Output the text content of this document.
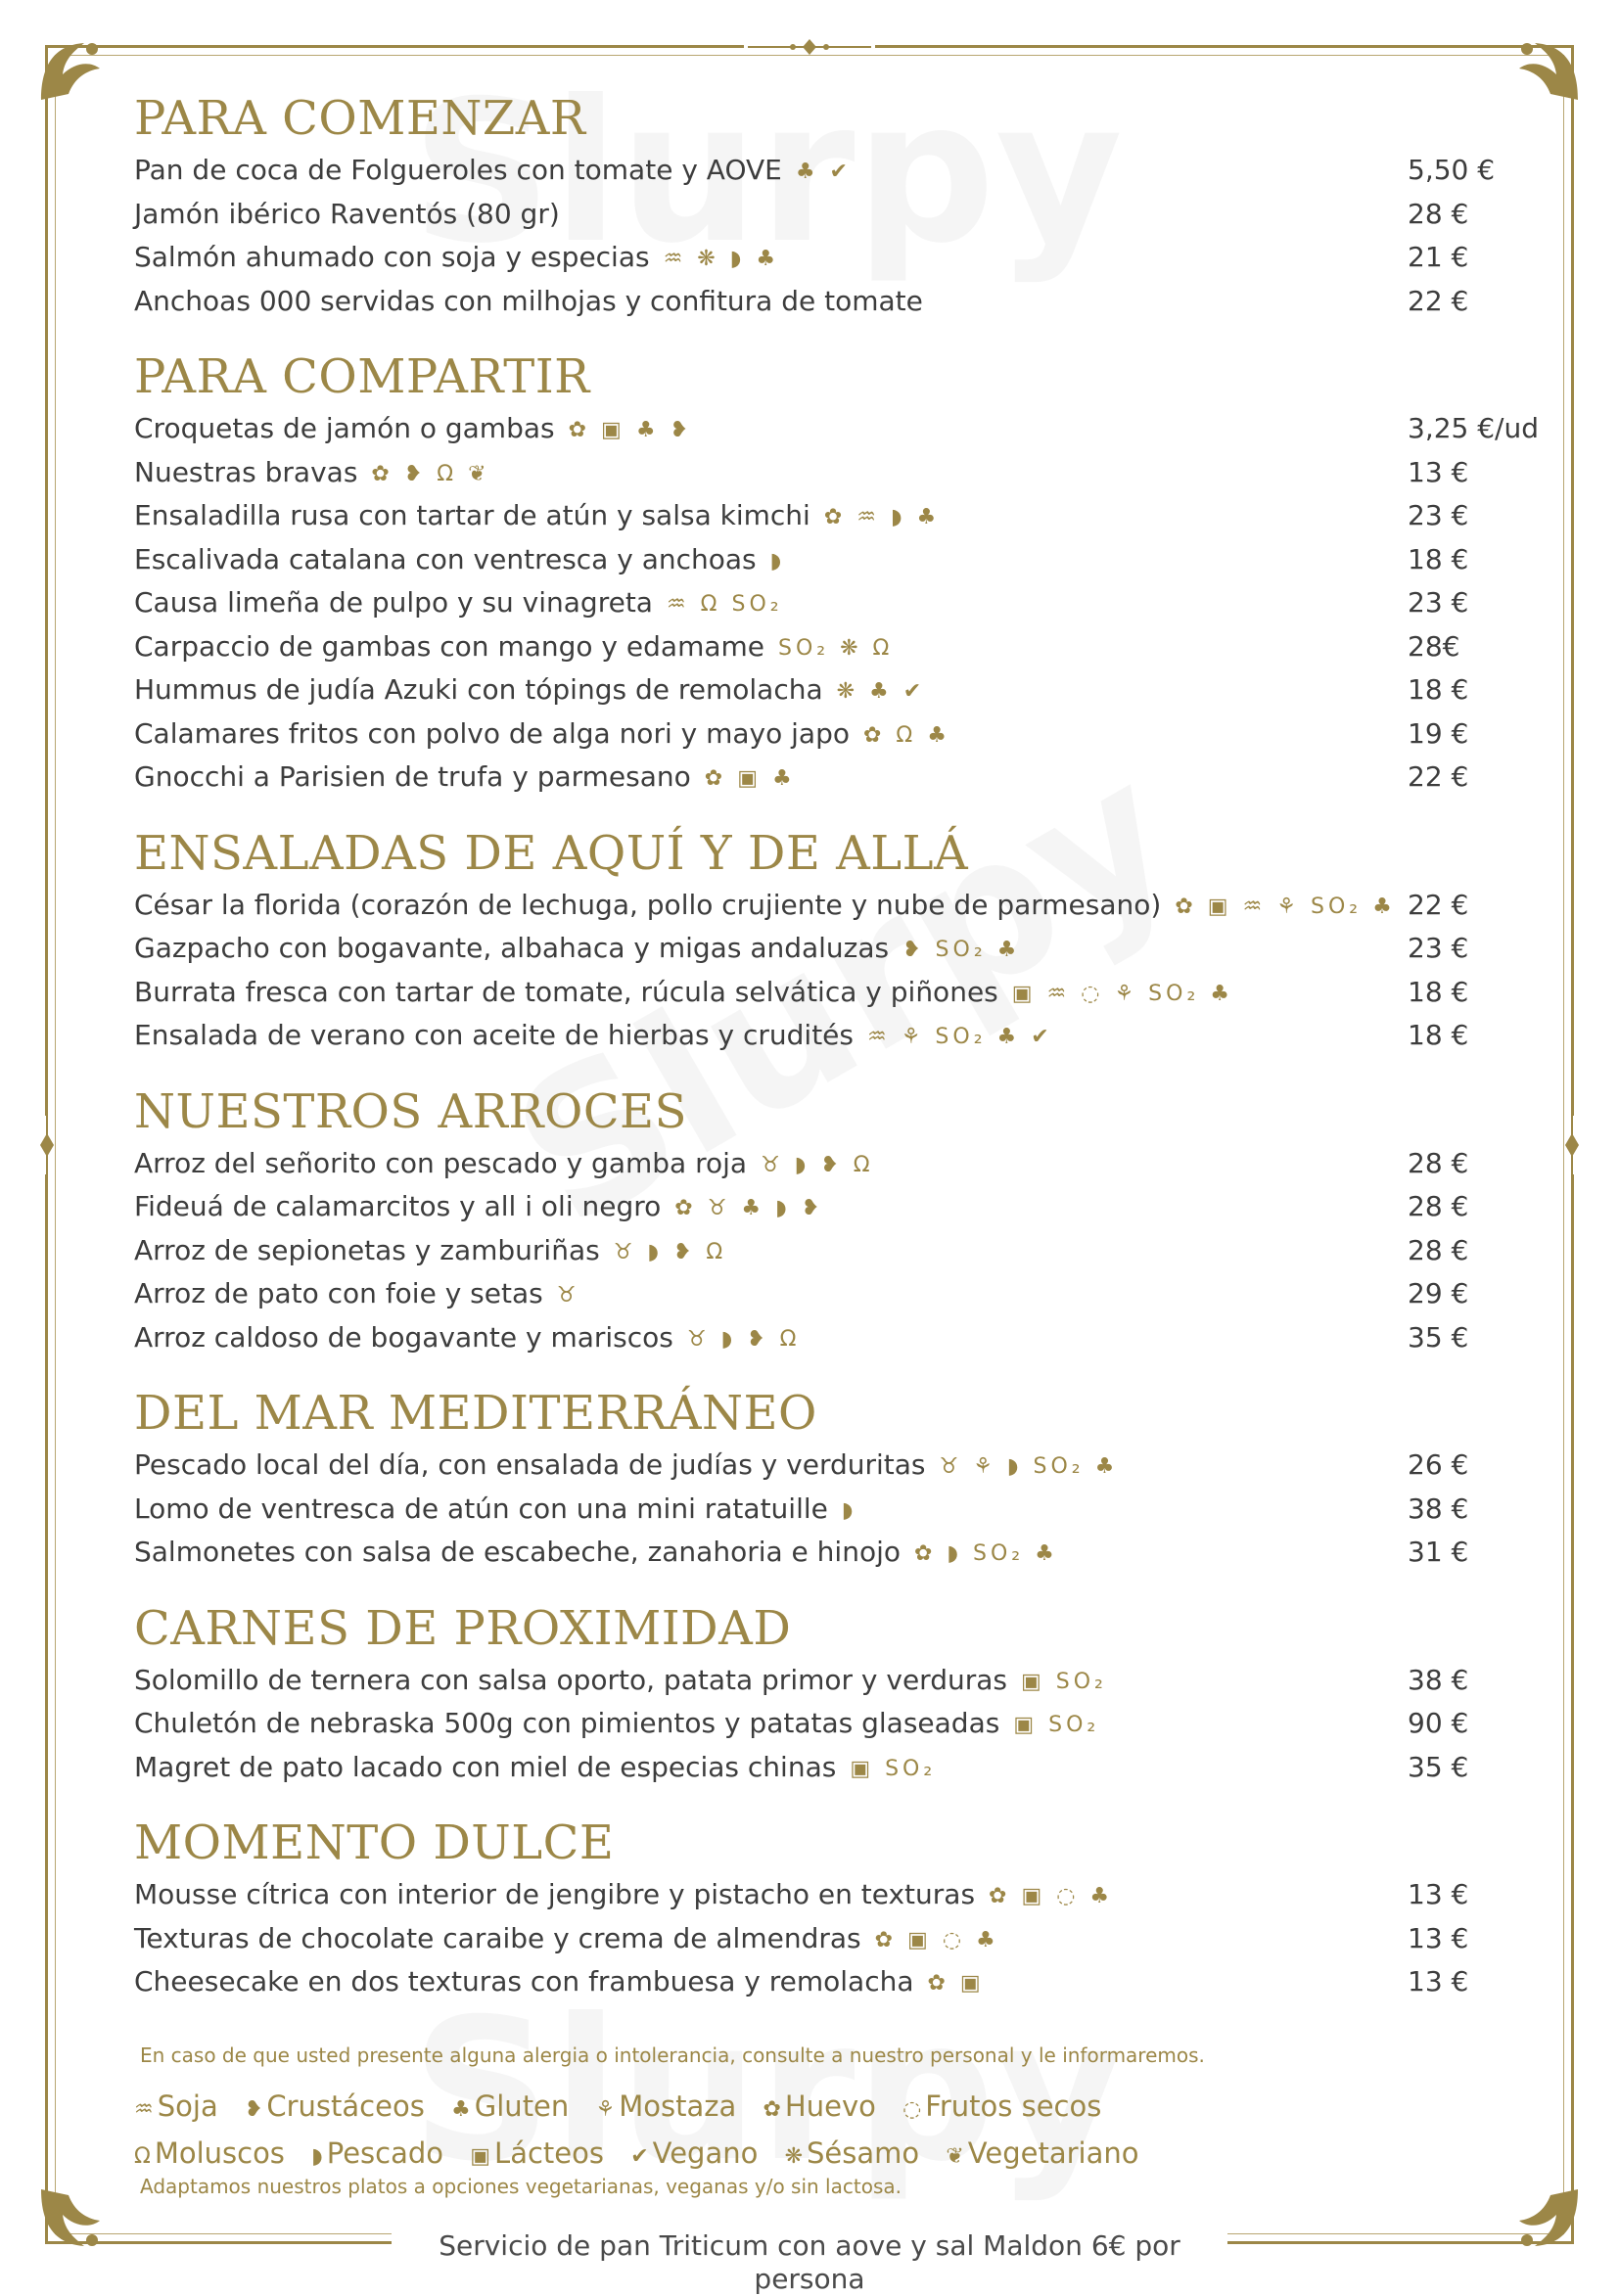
PARA COMENZAR
Pan de coca de Folgueroles con tomate y AOVE ♣ ✔	5,50 €
Jamón ibérico Raventós (80 gr)	28 €
Salmón ahumado con soja y especias ♒ ❋ ◗ ♣	21 €
Anchoas 000 servidas con milhojas y confitura de tomate	22 €
PARA COMPARTIR
Croquetas de jamón o gambas ✿ ▣ ♣ ❥	3,25 €/ud
Nuestras bravas ✿ ❥ Ω ❦	13 €
Ensaladilla rusa con tartar de atún y salsa kimchi ✿ ♒ ◗ ♣	23 €
Escalivada catalana con ventresca y anchoas ◗	18 €
Causa limeña de pulpo y su vinagreta ♒ Ω SO₂	23 €
Carpaccio de gambas con mango y edamame SO₂ ❋ Ω	28€
Hummus de judía Azuki con tópings de remolacha ❋ ♣ ✔	18 €
Calamares fritos con polvo de alga nori y mayo japo ✿ Ω ♣	19 €
Gnocchi a Parisien de trufa y parmesano ✿ ▣ ♣	22 €
ENSALADAS DE AQUÍ Y DE ALLÁ
César la florida (corazón de lechuga, pollo crujiente y nube de parmesano) ✿ ▣ ♒ ⚘ SO₂ ♣ 22 €
Gazpacho con bogavante, albahaca y migas andaluzas ❥ SO₂ ♣	23 €
Burrata fresca con tartar de tomate, rúcula selvática y piñones ▣ ♒ ◌ ⚘ SO₂ ♣	18 €
Ensalada de verano con aceite de hierbas y crudités ♒ ⚘ SO₂ ♣ ✔	18 €
NUESTROS ARROCES
Arroz del señorito con pescado y gamba roja ♉ ◗ ❥ Ω	28 €
Fideuá de calamarcitos y all i oli negro ✿ ♉ ♣ ◗ ❥	28 €
Arroz de sepionetas y zamburiñas ♉ ◗ ❥ Ω	28 €
Arroz de pato con foie y setas ♉	29 €
Arroz caldoso de bogavante y mariscos ♉ ◗ ❥ Ω	35 €
DEL MAR MEDITERRÁNEO
Pescado local del día, con ensalada de judías y verduritas ♉ ⚘ ◗ SO₂ ♣	26 €
Lomo de ventresca de atún con una mini ratatuille ◗	38 €
Salmonetes con salsa de escabeche, zanahoria e hinojo ✿ ◗ SO₂ ♣	31 €
CARNES DE PROXIMIDAD
Solomillo de ternera con salsa oporto, patata primor y verduras ▣ SO₂	38 €
Chuletón de nebraska 500g con pimientos y patatas glaseadas ▣ SO₂	90 €
Magret de pato lacado con miel de especias chinas ▣ SO₂	35 €
MOMENTO DULCE
Mousse cítrica con interior de jengibre y pistacho en texturas ✿ ▣ ◌ ♣	13 €
Texturas de chocolate caraibe y crema de almendras ✿ ▣ ◌ ♣	13 €
Cheesecake en dos texturas con frambuesa y remolacha ✿ ▣	13 €
En caso de que usted presente alguna alergia o intolerancia, consulte a nuestro personal y le informaremos.
♒ Soja ❥ Crustáceos ♣ Gluten ⚘ Mostaza ✿ Huevo ◌ Frutos secos
Ω Moluscos ◗ Pescado ▣ Lácteos ✔ Vegano ❋ Sésamo ❦ Vegetariano
Adaptamos nuestros platos a opciones vegetarianas, veganas y/o sin lactosa.
Servicio de pan Triticum con aove y sal Maldon 6€ por persona
